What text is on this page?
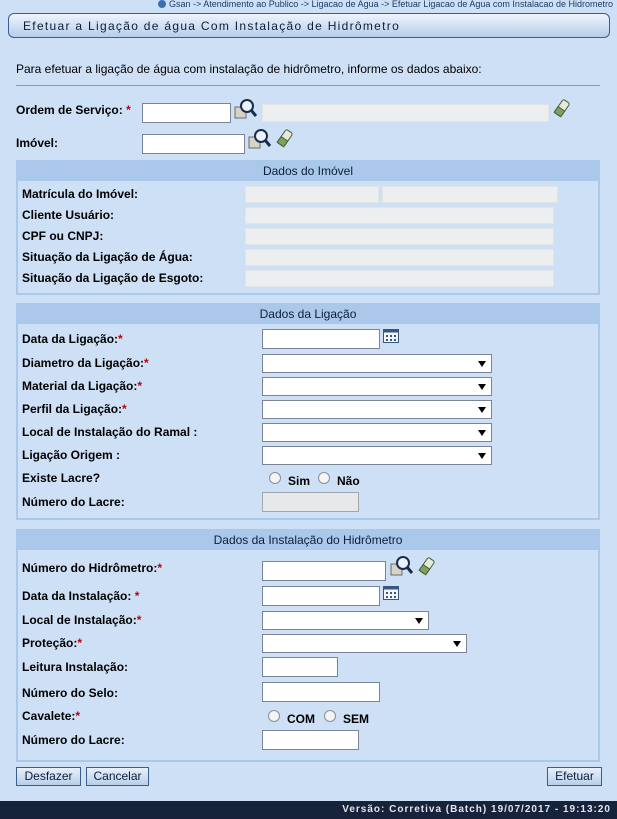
Gsan -> Atendimento ao Publico -> Ligacao de Agua -> Efetuar Ligacao de Agua com Instalacao de Hidrometro
Efetuar a Ligação de água Com Instalação de Hidrômetro
Para efetuar a ligação de água com instalação de hidrômetro, informe os dados abaixo:
Ordem de Serviço: *
Imóvel:
Dados do Imóvel
Matrícula do Imóvel:
Cliente Usuário:
CPF ou CNPJ:
Situação da Ligação de Água:
Situação da Ligação de Esgoto:
Dados da Ligação
Data da Ligação:*
Diametro da Ligação:*
Material da Ligação:*
Perfil da Ligação:*
Local de Instalação do Ramal :
Ligação Origem :
Existe Lacre?	Sim Não
Número do Lacre:
Dados da Instalação do Hidrômetro
Número do Hidrômetro:*
Data da Instalação: *
Local de Instalação:*
Proteção:*
Leitura Instalação:
Número do Selo:
Cavalete:*	COM SEM
Número do Lacre:
Desfazer	Cancelar	Efetuar
Versão: Corretiva (Batch) 19/07/2017 - 19:13:20
